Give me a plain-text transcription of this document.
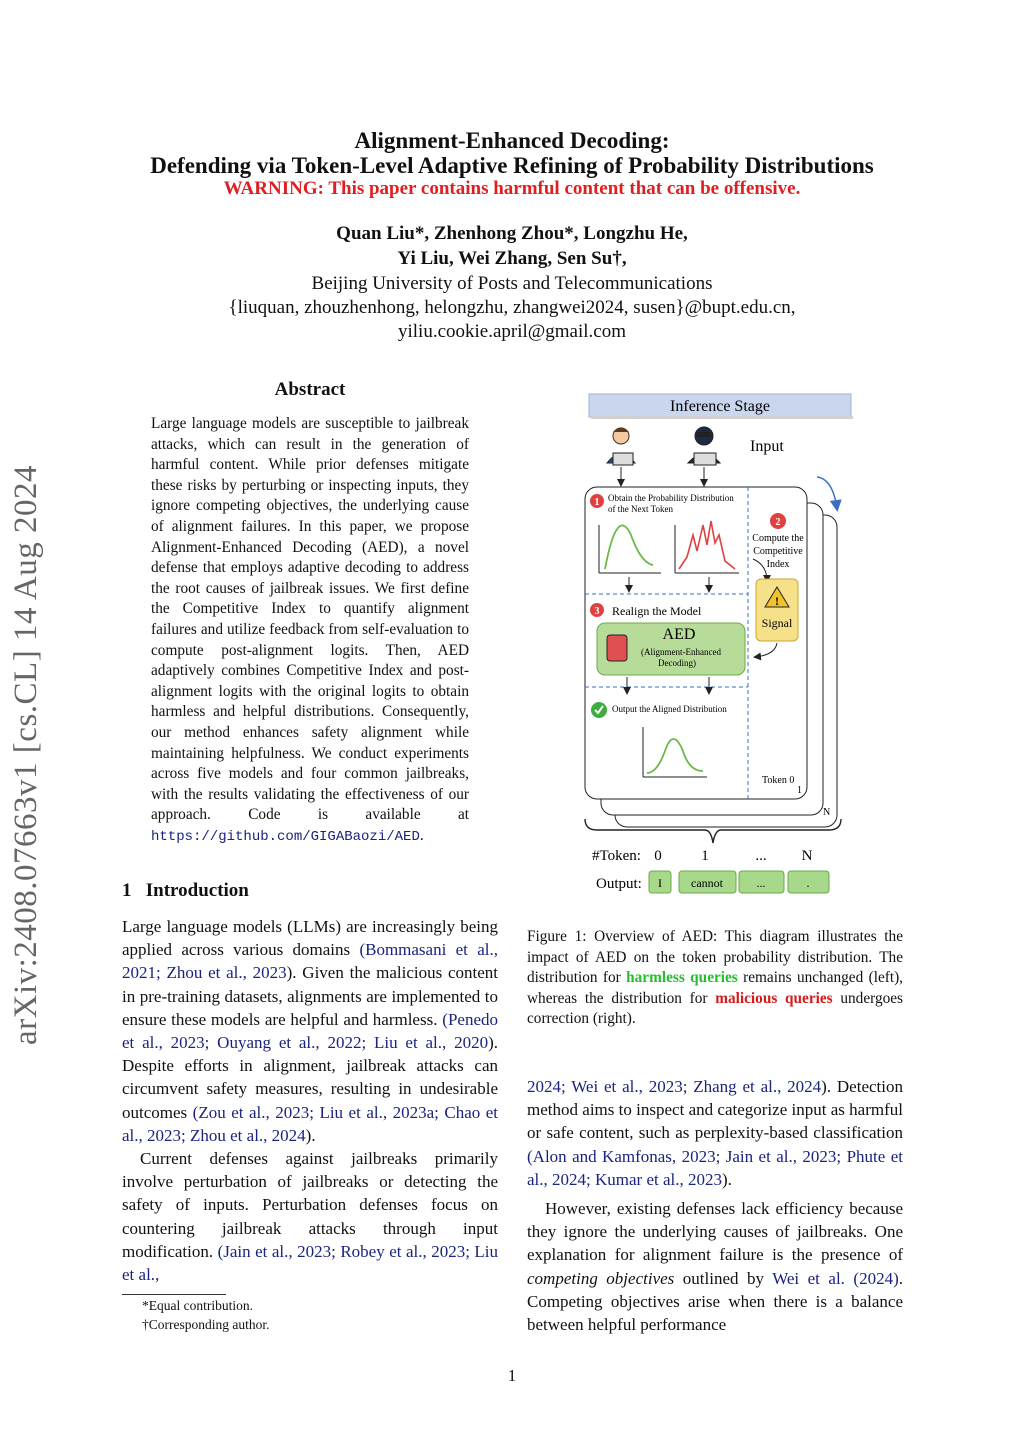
Alignment-Enhanced Decoding:
Defending via Token-Level Adaptive Refining of Probability Distributions
WARNING: This paper contains harmful content that can be offensive.
Quan Liu*, Zhenhong Zhou*, Longzhu He,
Yi Liu, Wei Zhang, Sen Su†,
Beijing University of Posts and Telecommunications
{liuquan, zhouzhenhong, helongzhu, zhangwei2024, susen}@bupt.edu.cn,
yiliu.cookie.april@gmail.com
arXiv:2408.07663v1 [cs.CL] 14 Aug 2024
Abstract
Large language models are susceptible to jailbreak attacks, which can result in the generation of harmful content. While prior defenses mitigate these risks by perturbing or inspecting inputs, they ignore competing objectives, the underlying cause of alignment failures. In this paper, we propose Alignment-Enhanced Decoding (AED), a novel defense that employs adaptive decoding to address the root causes of jailbreak issues. We first define the Competitive Index to quantify alignment failures and utilize feedback from self-evaluation to compute post-alignment logits. Then, AED adaptively combines Competitive Index and post-alignment logits with the original logits to obtain harmless and helpful distributions. Consequently, our method enhances safety alignment while maintaining helpfulness. We conduct experiments across five models and four common jailbreaks, with the results validating the effectiveness of our approach. Code is available at https://github.com/GIGABaozi/AED.
1 Introduction

Large language models (LLMs) are increasingly being applied across various domains (Bommasani et al., 2021; Zhou et al., 2023). Given the malicious content in pre-training datasets, alignments are implemented to ensure these models are helpful and harmless. (Penedo et al., 2023; Ouyang et al., 2022; Liu et al., 2020). Despite efforts in alignment, jailbreak attacks can circumvent safety measures, resulting in undesirable outcomes (Zou et al., 2023; Liu et al., 2023a; Chao et al., 2023; Zhou et al., 2024).

Current defenses against jailbreaks primarily involve perturbation of jailbreaks or detecting the safety of inputs. Perturbation defenses focus on countering jailbreak attacks through input modification. (Jain et al., 2023; Robey et al., 2023; Liu et al.,

*Equal contribution.
†Corresponding author.
Inference Stage
Input
1 Obtain the Probability Distribution
of the Next Token
2
Compute the
Competitive
Index
!
Signal
3 Realign the Model
AED
(Alignment-Enhanced
Decoding)
Output the Aligned Distribution
Token 0
1
N
#Token: 0	1	... N
Output: I cannot	...	.
Figure 1: Overview of AED: This diagram illustrates the impact of AED on the token probability distribution. The distribution for harmless queries remains unchanged (left), whereas the distribution for malicious queries undergoes correction (right).

2024; Wei et al., 2023; Zhang et al., 2024). Detection method aims to inspect and categorize input as harmful or safe content, such as perplexity-based classification (Alon and Kamfonas, 2023; Jain et al., 2023; Phute et al., 2024; Kumar et al., 2023).

However, existing defenses lack efficiency because they ignore the underlying causes of jailbreaks. One explanation for alignment failure is the presence of competing objectives outlined by Wei et al. (2024). Competing objectives arise when there is a balance between helpful performance

1
